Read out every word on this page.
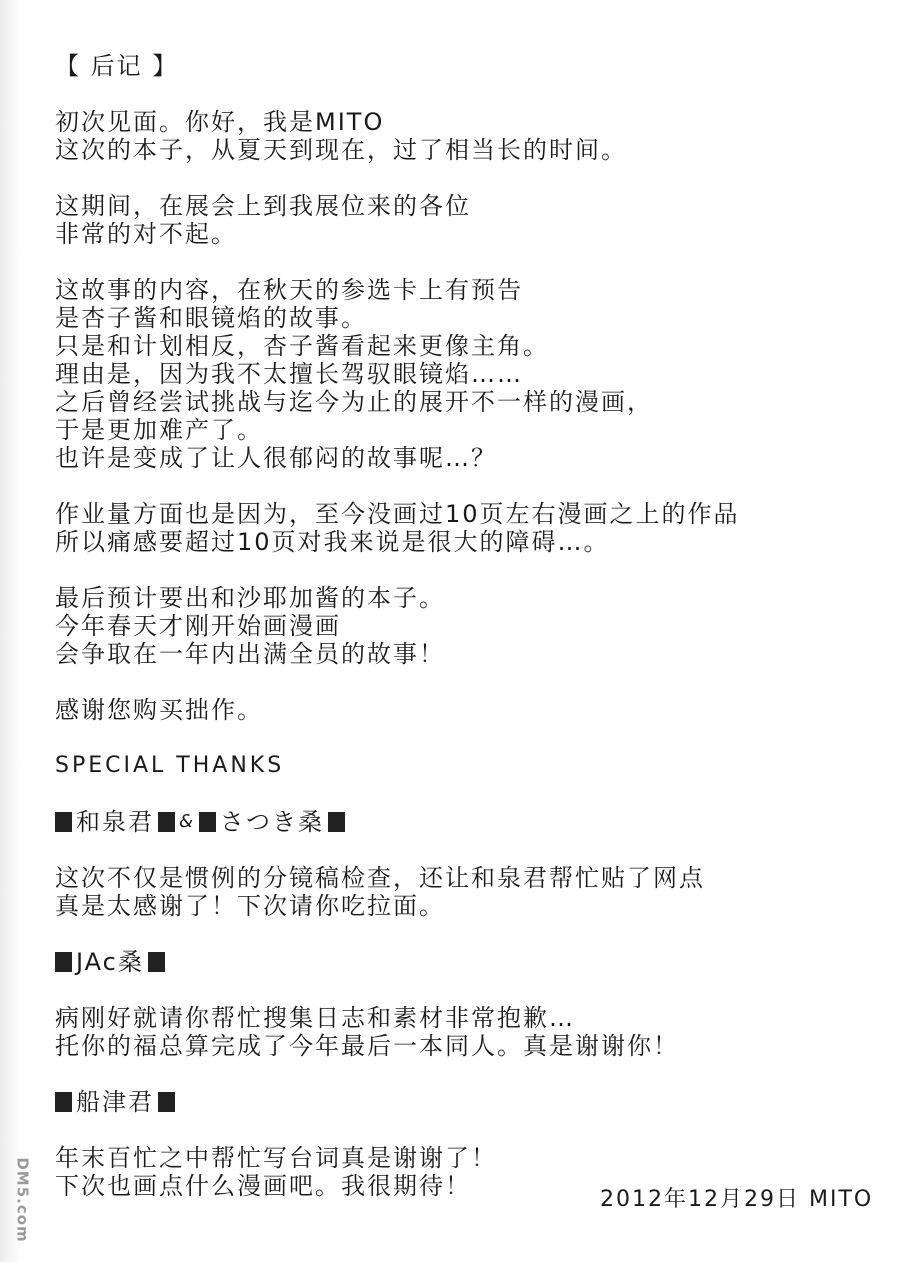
【 后记 】
初次见面。你好，我是MITO
这次的本子，从夏天到现在，过了相当长的时间。
这期间，在展会上到我展位来的各位
非常的对不起。
这故事的内容，在秋天的参选卡上有预告
是杏子酱和眼镜焰的故事。
只是和计划相反，杏子酱看起来更像主角。
理由是，因为我不太擅长驾驭眼镜焰……
之后曾经尝试挑战与迄今为止的展开不一样的漫画，
于是更加难产了。
也许是变成了让人很郁闷的故事呢…？
作业量方面也是因为，至今没画过10页左右漫画之上的作品
所以痛感要超过10页对我来说是很大的障碍…。
最后预计要出和沙耶加酱的本子。
今年春天才刚开始画漫画
会争取在一年内出满全员的故事！
感谢您购买拙作。
SPECIAL THANKS
和泉君 & さつき桑
这次不仅是惯例的分镜稿检查，还让和泉君帮忙贴了网点
真是太感谢了！下次请你吃拉面。
JAc桑
病刚好就请你帮忙搜集日志和素材非常抱歉…
托你的福总算完成了今年最后一本同人。真是谢谢你！
船津君
年末百忙之中帮忙写台词真是谢谢了！
下次也画点什么漫画吧。我很期待！	2012年12月29日 MITO
DM5.com
